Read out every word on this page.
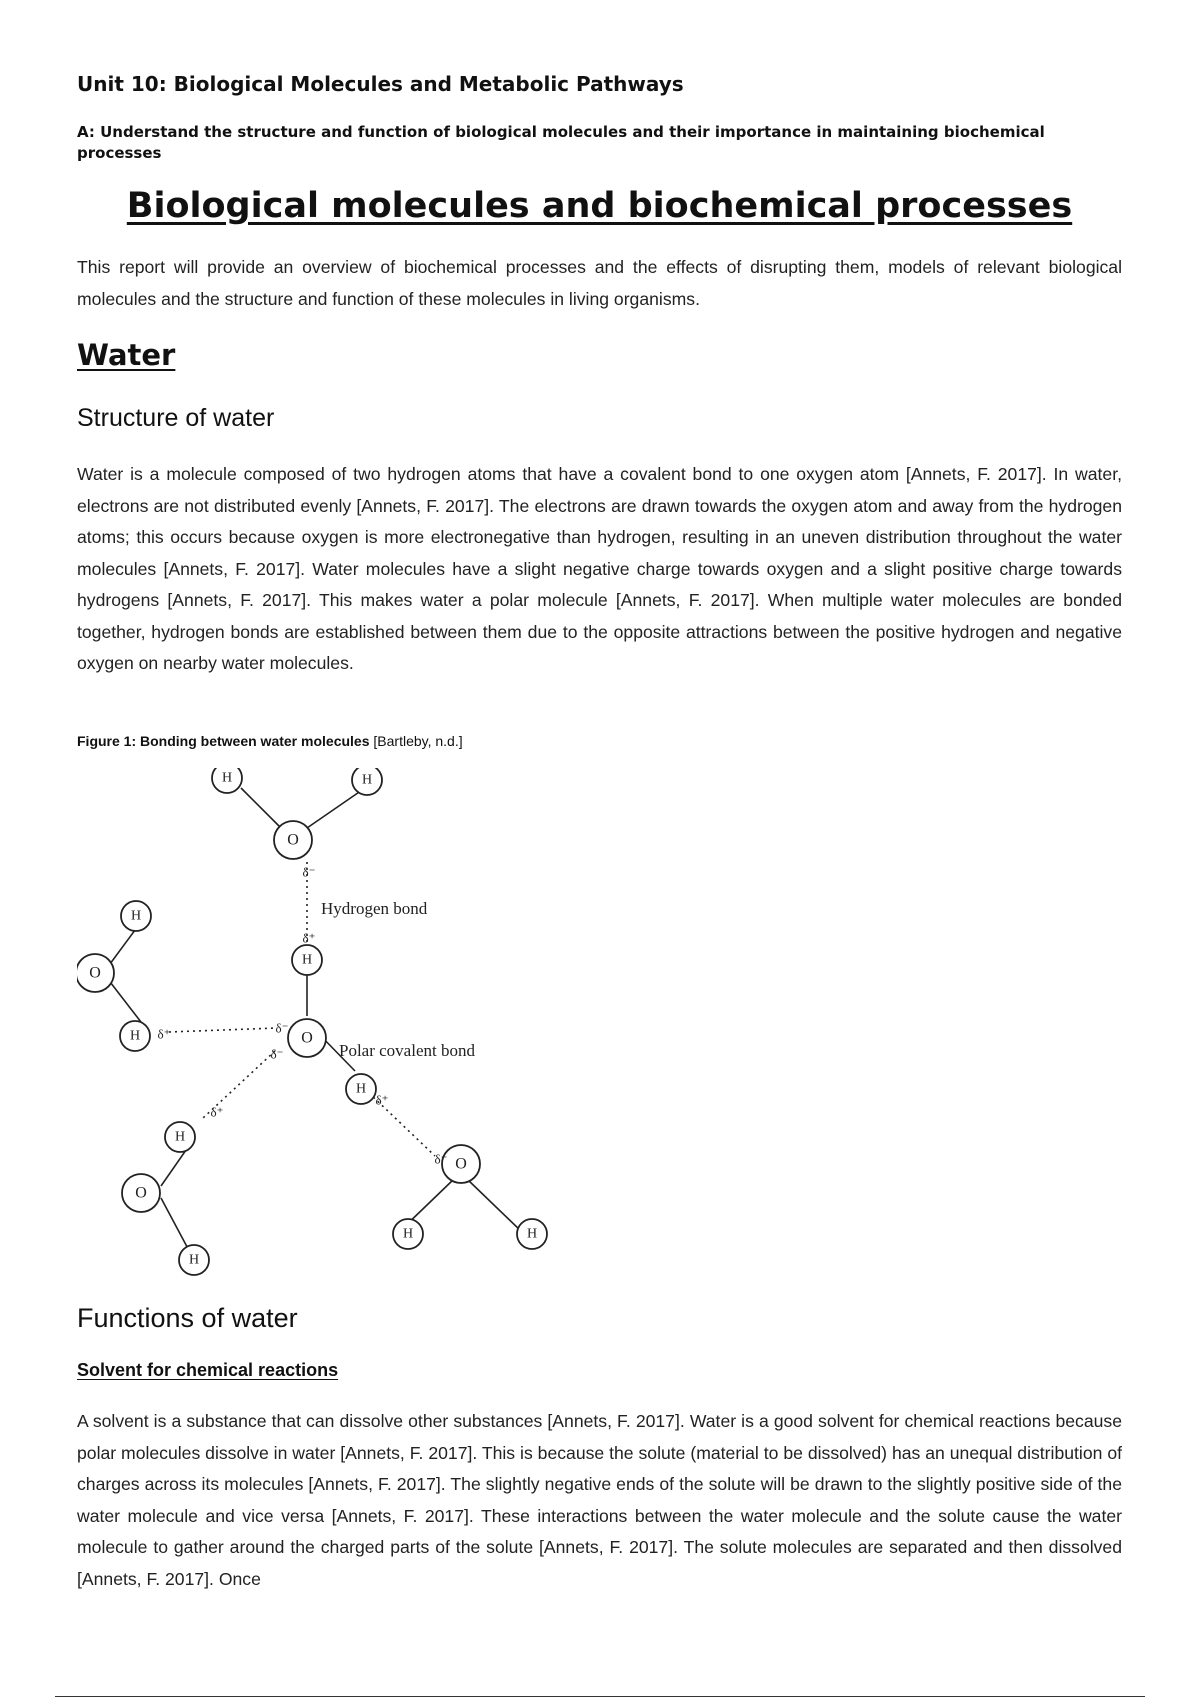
Unit 10: Biological Molecules and Metabolic Pathways

A: Understand the structure and function of biological molecules and their importance in maintaining biochemical processes

Biological molecules and biochemical processes

This report will provide an overview of biochemical processes and the effects of disrupting them, models of relevant biological molecules and the structure and function of these molecules in living organisms.

Water
Structure of water

Water is a molecule composed of two hydrogen atoms that have a covalent bond to one oxygen atom [Annets, F. 2017]. In water, electrons are not distributed evenly [Annets, F. 2017]. The electrons are drawn towards the oxygen atom and away from the hydrogen atoms; this occurs because oxygen is more electronegative than hydrogen, resulting in an uneven distribution throughout the water molecules [Annets, F. 2017]. Water molecules have a slight negative charge towards oxygen and a slight positive charge towards hydrogens [Annets, F. 2017]. This makes water a polar molecule [Annets, F. 2017]. When multiple water molecules are bonded together, hydrogen bonds are established between them due to the opposite attractions between the positive hydrogen and negative oxygen on nearby water molecules.

Figure 1: Bonding between water molecules [Bartleby, n.d.]

O
O
O
O
O
H	H
H
H
H
H
H
H	H
H
δ⁻
δ⁺
δ⁺	δ⁻
δ⁻
δ⁺
δ⁺
δ⁻
Hydrogen bond
Polar covalent bond
Functions of water
Solvent for chemical reactions

A solvent is a substance that can dissolve other substances [Annets, F. 2017]. Water is a good solvent for chemical reactions because polar molecules dissolve in water [Annets, F. 2017]. This is because the solute (material to be dissolved) has an unequal distribution of charges across its molecules [Annets, F. 2017]. The slightly negative ends of the solute will be drawn to the slightly positive side of the water molecule and vice versa [Annets, F. 2017]. These interactions between the water molecule and the solute cause the water molecule to gather around the charged parts of the solute [Annets, F. 2017]. The solute molecules are separated and then dissolved [Annets, F. 2017]. Once
